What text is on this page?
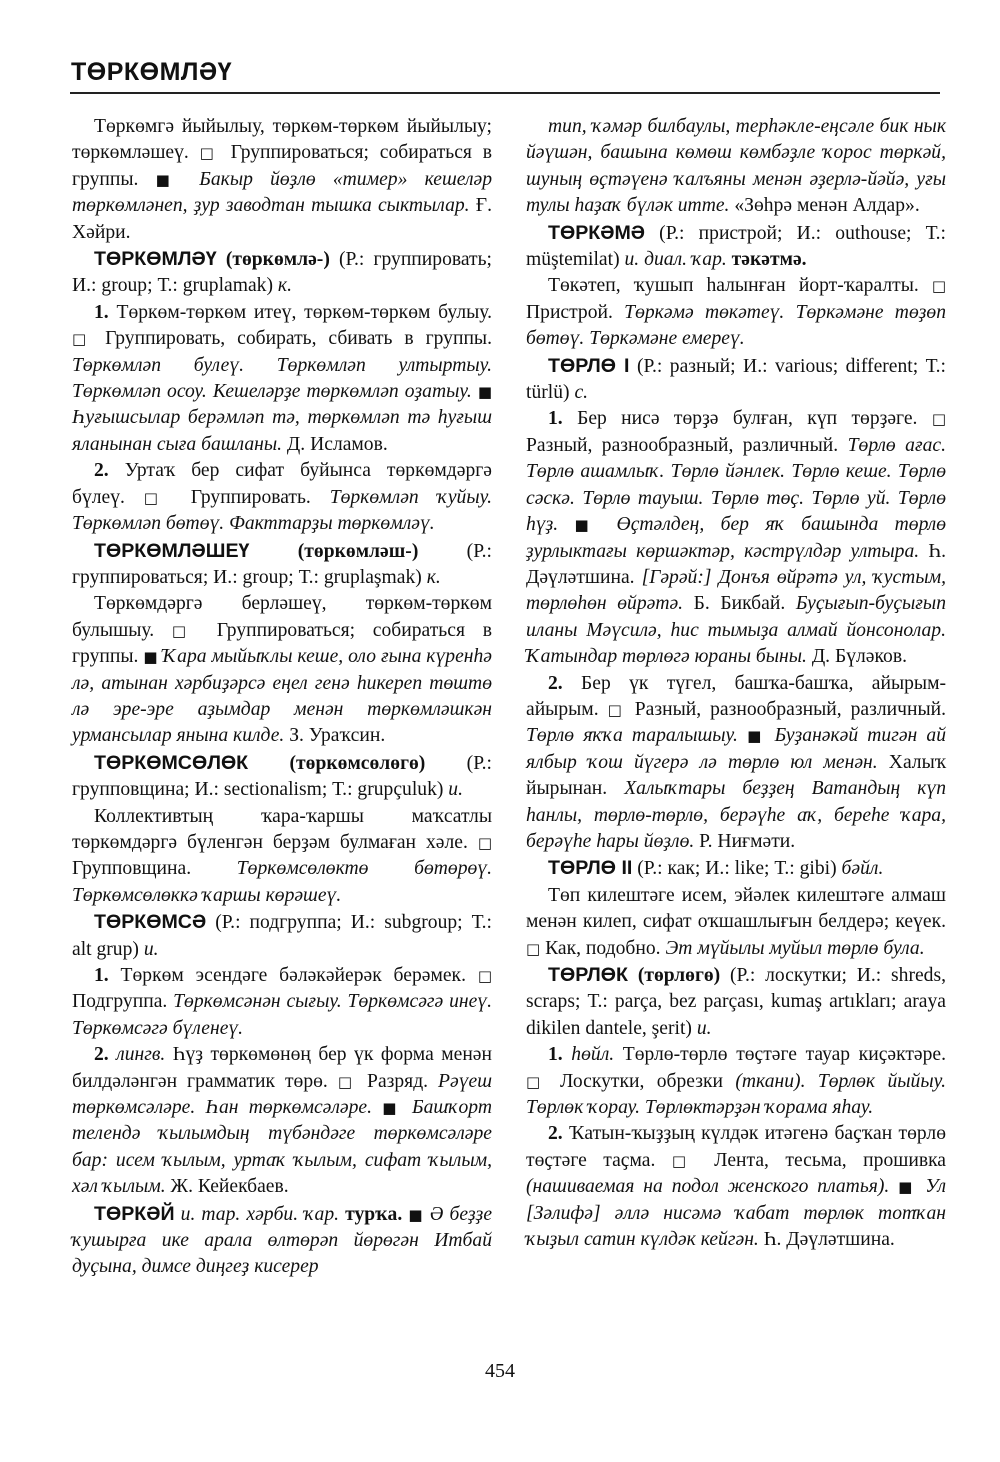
ТӨРКӨМЛӘҮ

Төркөмгә йыйылыу, төркөм-төркөм йыйылыу; төркөмләшеү. □ Группироваться; собираться в группы. ■ Бакыр йөҙлө «тимер» кешеләр төркөмләнеп, ҙур заводтан тышка сыктылар. Ғ. Хәйри.

ТӨРКӨМЛӘҮ (төркөмлә-) (Р.: группировать; И.: group; Т.: gruplamak) к.

1. Төркөм-төркөм итеү, төркөм-төркөм булыу. □ Группировать, собирать, сбивать в группы. Төркөмләп булеү. Төркөмләп ултыртыу. Төркөмләп осоу. Кешеләрҙе төркөмләп оҙатыу. ■ Һуғышсылар берәмләп тә, төркөмләп тә һуғыш яланынан сыға башланы. Д. Исламов.

2. Уртаҡ бер сифат буйынса төркөмдәргә бүлеү. □ Группировать. Төркөмләп ҡуйыу. Төркөмләп бөтөү. Факттарҙы төркөмләү.

ТӨРКӨМЛӘШЕҮ (төркөмләш-) (Р.: группироваться; И.: group; Т.: gruplaşmak) к.

Төркөмдәргә берләшеү, төркөм-төркөм булышыу. □ Группироваться; собираться в группы. ■ Ҡара мыйыҡлы кеше, оло ғына күренһә лә, атынан хәрбиҙәрсә еңел генә һикереп төштө лә эре-эре аҙымдар менән төркөмләшкән урмансылар янына килде. З. Ураҡсин.

ТӨРКӨМСӨЛӨК (төркөмсөлөгө) (Р.: групповщина; И.: sectionalism; Т.: grupçuluk) и.

Коллективтың ҡара-ҡаршы маҡсатлы төркөмдәргә бүленгән берҙәм булмаған хәле. □ Групповщина. Төркөмсөлөктө бөтөрөү. Төркөмсөлөккә ҡаршы көрәшеү.

ТӨРКӨМСӘ (Р.: подгруппа; И.: subgroup; Т.: alt grup) и.

1. Төркөм эсендәге бәләкәйерәк берәмек. □ Подгруппа. Төркөмсәнән сығыу. Төркөмсәгә инеү. Төркөмсәгә бүленеү.

2. лингв. Һүҙ төркөмөнөң бер үк форма менән билдәләнгән грамматик төрө. □ Разряд. Рәүеш төркөмсәләре. Һан төркөмсәләре. ■ Башҡорт телендә ҡылымдың түбәндәге төркөмсәләре бар: исем ҡылым, уртаҡ ҡылым, сифат ҡылым, хәл ҡылым. Ж. Кейекбаев.

ТӨРКӘЙ и. тар. хәрби. ҡар. турҡа. ■ Ә беҙҙе ҡушырға ике арала өлтөрәп йөрөгән Итбай дуҫына, димсе диңгеҙ кисерер

тип, ҡәмәр билбаулы, терһәкле-еңсәле бик нык йәүшән, башына көмөш көмбәҙле ҡорос төркәй, шуның өҫтәүенә ҡалъяны менән әҙерлә-йәйә, уғы тулы һаҙаҡ бүләк итте. «Зөһрә менән Алдар».

ТӨРКӘМӘ (Р.: пристрой; И.: outhouse; Т.: müştemilat) и. диал. ҡар. тәкәтмә.

Төкәтеп, ҡушып һалынған йорт-ҡаралты. □ Пристрой. Төркәмә төкәтеү. Төркәмәне төҙөп бөтөү. Төркәмәне емереү.

ТӨРЛӨ I (Р.: разный; И.: various; different; Т.: türlü) с.

1. Бер нисә төрҙә булған, күп төрҙәге. □ Разный, разнообразный, различный. Төрлө ағас. Төрлө ашамлыҡ. Төрлө йәнлек. Төрлө кеше. Төрлө сәскә. Төрлө тауыш. Төрлө төҫ. Төрлө уй. Төрлө һүҙ. ■ Өҫтәлдең, бер яҡ башында төрлө ҙурлыктағы көршәктәр, кәстрүлдәр ултыра. Һ. Дәүләтшина. [Гәрәй:] Донъя өйрәтә ул, ҡустым, төрлөһөн өйрәтә. Б. Бикбай. Буҫығып-буҫығып иланы Мәүсилә, һис тымыҙа алмай йонсонолар. Ҡатындар төрлөгә юраны быны. Д. Бүләков.

2. Бер үк түгел, башҡа-башҡа, айырым-айырым. □ Разный, разнообразный, различный. Төрлө яҡҡа таралышыу. ■ Буҙанәкәй тигән ай ялбыр ҡош йүгерә лә төрлө юл менән. Халыҡ йырынан. Халыҡтары беҙҙең Ватандың күп һанлы, төрлө-төрлө, берәүһе аҡ, береһе ҡара, берәүһе һары йөҙлө. Р. Ниғмәти.

ТӨРЛӨ II (Р.: как; И.: like; Т.: gibi) бәйл.

Төп килештәге исем, эйәлек килештәге алмаш менән килеп, сифат оҡшашлығын белдерә; кеүек. □ Как, подобно. Эт мүйылы муйыл төрлө була.

ТӨРЛӨК (төрлөгө) (Р.: лоскутки; И.: shreds, scraps; Т.: parça, bez parçası, kumaş artıkları; araya dikilen dantele, şerit) и.

1. һөйл. Төрлө-төрлө төҫтәге тауар киҫәктәре. □ Лоскутки, обрезки (ткани). Төрлөк йыйыу. Төрлөк ҡорау. Төрлөктәрҙән ҡорама яһау.

2. Ҡатын-ҡыҙҙың күлдәк итәгенә баҫҡан төрлө төҫтәге таҫма. □ Лента, тесьма, прошивка (нашиваемая на подол женского платья). ■ Ул [Зәлифә] әллә нисәмә ҡабат төрлөк тотҡан ҡыҙыл сатин күлдәк кейгән. Һ. Дәүләтшина.

454
